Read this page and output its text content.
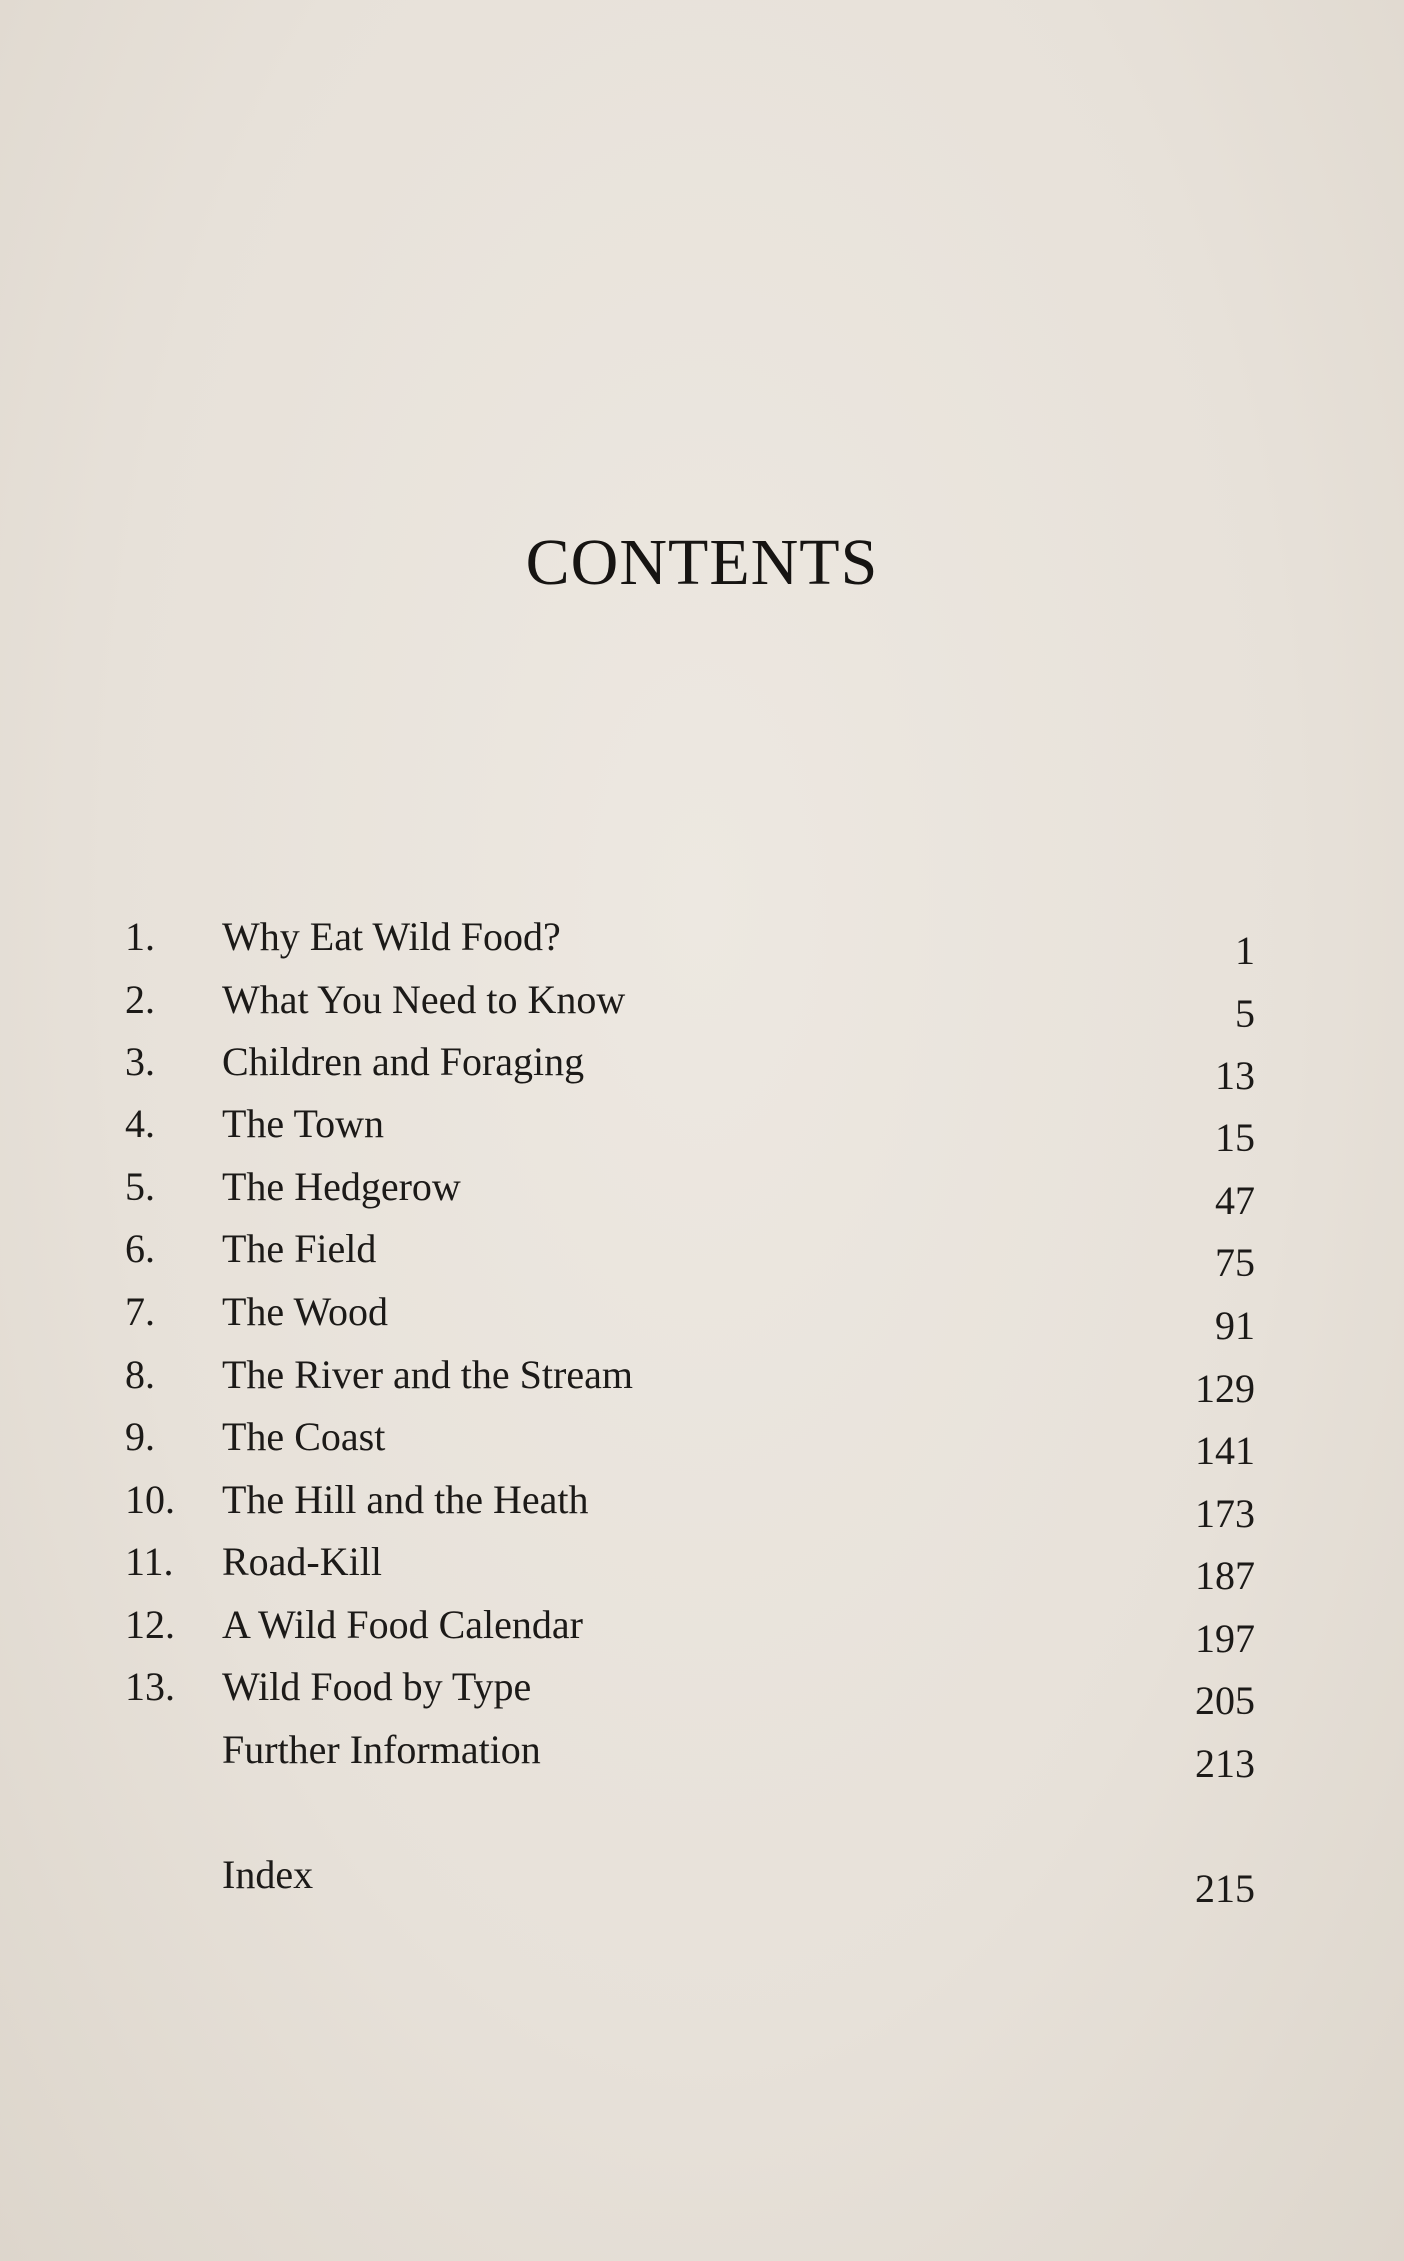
CONTENTS
1. Why Eat Wild Food?	1
2. What You Need to Know	5
3. Children and Foraging	13
4. The Town	15
5. The Hedgerow	47
6. The Field	75
7. The Wood	91
8. The River and the Stream	129
9. The Coast	141
10. The Hill and the Heath	173
11. Road-Kill	187
12. A Wild Food Calendar	197
13. Wild Food by Type	205
Further Information	213
Index	215
